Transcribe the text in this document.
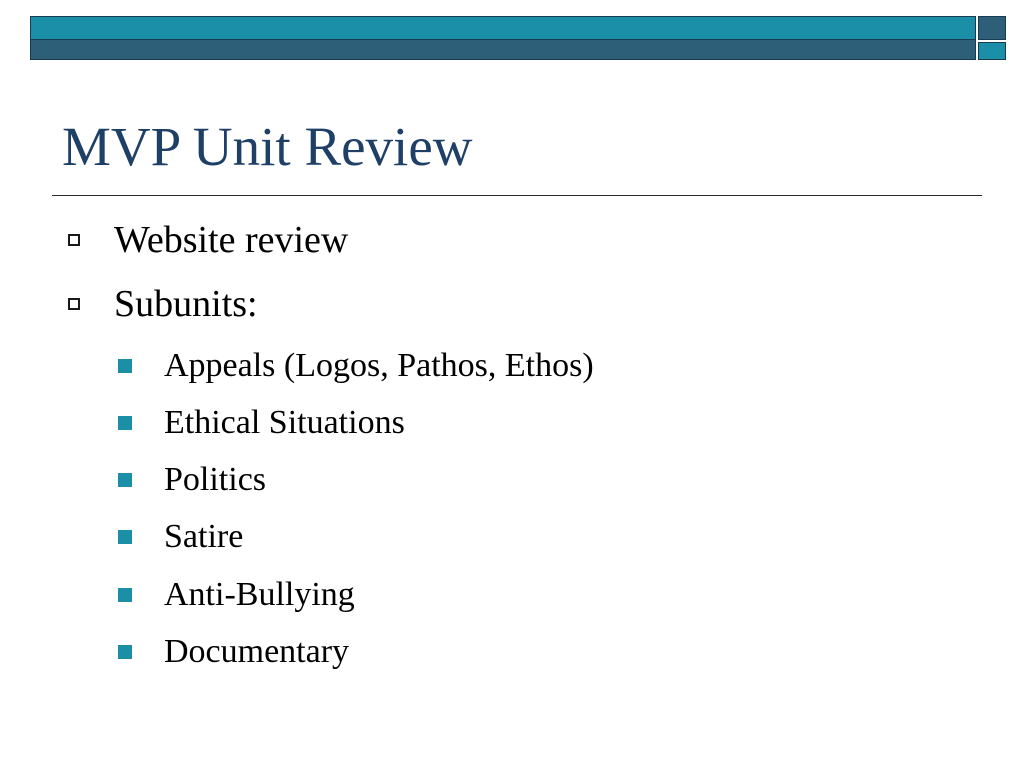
MVP Unit Review
Website review
Subunits:
Appeals (Logos, Pathos, Ethos)
Ethical Situations
Politics
Satire
Anti-Bullying
Documentary
